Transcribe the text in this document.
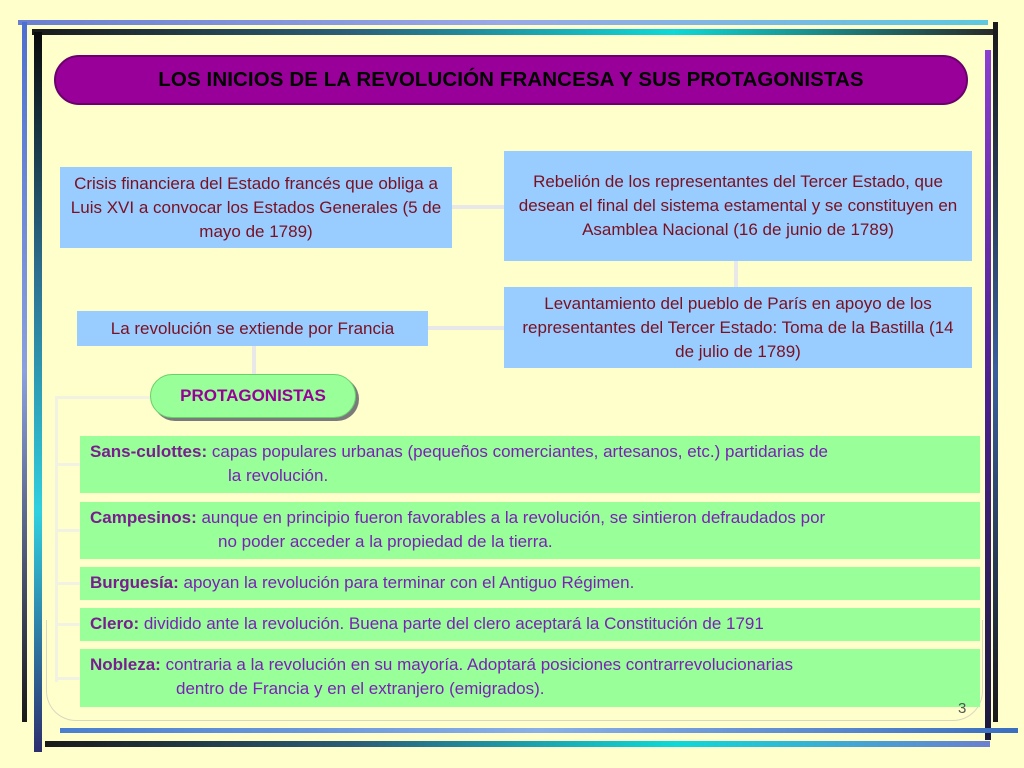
LOS INICIOS DE LA REVOLUCIÓN FRANCESA Y SUS PROTAGONISTAS
Crisis financiera del Estado francés que obliga a Luis XVI a convocar los Estados Generales (5 de mayo de 1789)
Rebelión de los representantes del Tercer Estado, que desean el final del sistema estamental y se constituyen en Asamblea Nacional (16 de junio de 1789)
Levantamiento del pueblo de París en apoyo de los representantes del Tercer Estado: Toma de la Bastilla (14 de julio de 1789)
La revolución se extiende por Francia
PROTAGONISTAS
Sans-culottes: capas populares urbanas (pequeños comerciantes, artesanos, etc.) partidarias de
la revolución.
Campesinos: aunque en principio fueron favorables a la revolución, se sintieron defraudados por
no poder acceder a la propiedad de la tierra.
Burguesía: apoyan la revolución para terminar con el Antiguo Régimen.
Clero: dividido ante la revolución. Buena parte del clero aceptará la Constitución de 1791
Nobleza: contraria a la revolución en su mayoría. Adoptará posiciones contrarrevolucionarias
dentro de Francia y en el extranjero (emigrados).
3
